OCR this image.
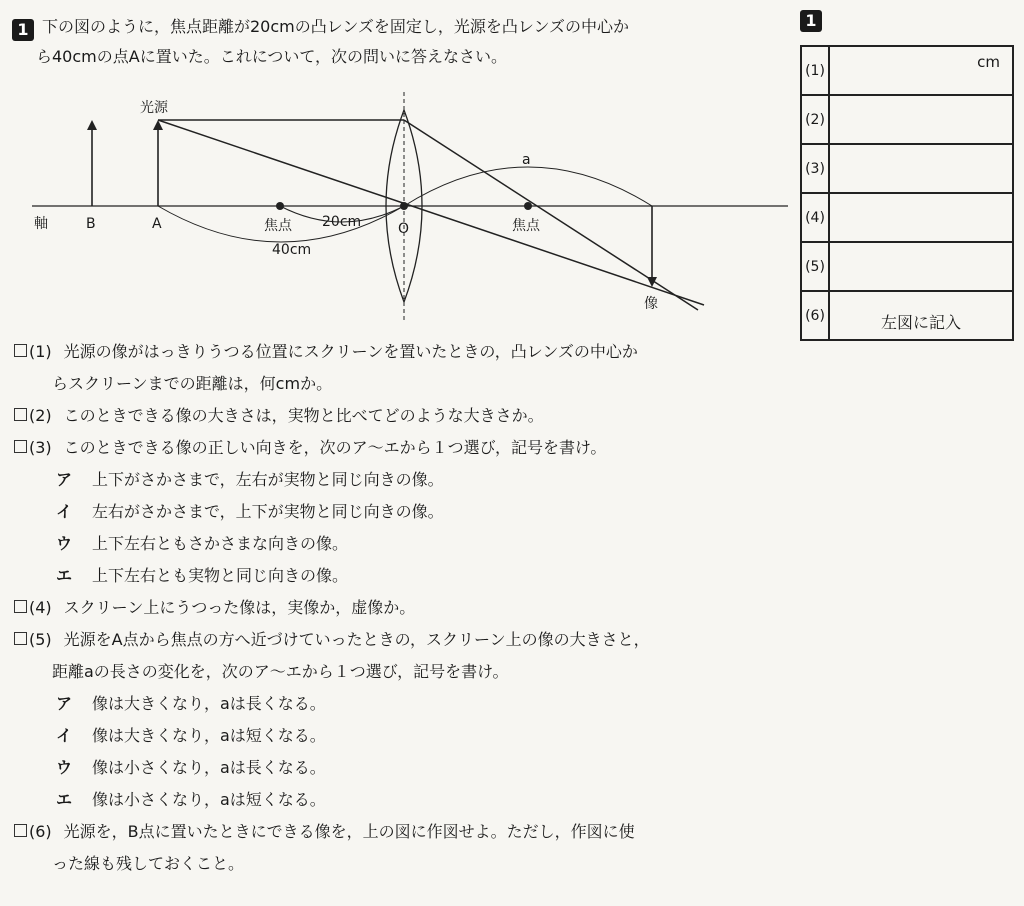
1 下の図のように，焦点距離が20cmの凸レンズを固定し，光源を凸レンズの中心か
ら40cmの点Aに置いた。これについて，次の問いに答えなさい。
光源
軸	B	A	焦点 20cm
40cm
O	焦点
a
像
(1) 光源の像がはっきりうつる位置にスクリーンを置いたときの，凸レンズの中心か
らスクリーンまでの距離は，何cmか。
(2) このときできる像の大きさは，実物と比べてどのような大きさか。
(3) このときできる像の正しい向きを，次のア～エから１つ選び，記号を書け。
ア 上下がさかさまで，左右が実物と同じ向きの像。
イ 左右がさかさまで，上下が実物と同じ向きの像。
ウ 上下左右ともさかさまな向きの像。
エ 上下左右とも実物と同じ向きの像。
(4) スクリーン上にうつった像は，実像か，虚像か。
(5) 光源をA点から焦点の方へ近づけていったときの，スクリーン上の像の大きさと，
距離aの長さの変化を，次のア～エから１つ選び，記号を書け。
ア 像は大きくなり，aは長くなる。
イ 像は大きくなり，aは短くなる。
ウ 像は小さくなり，aは長くなる。
エ 像は小さくなり，aは短くなる。
(6) 光源を，B点に置いたときにできる像を，上の図に作図せよ。ただし，作図に使
った線も残しておくこと。
1
(1)	cm

(2)	
(3)	
(4)	
(5)	
(6)	左図に記入
